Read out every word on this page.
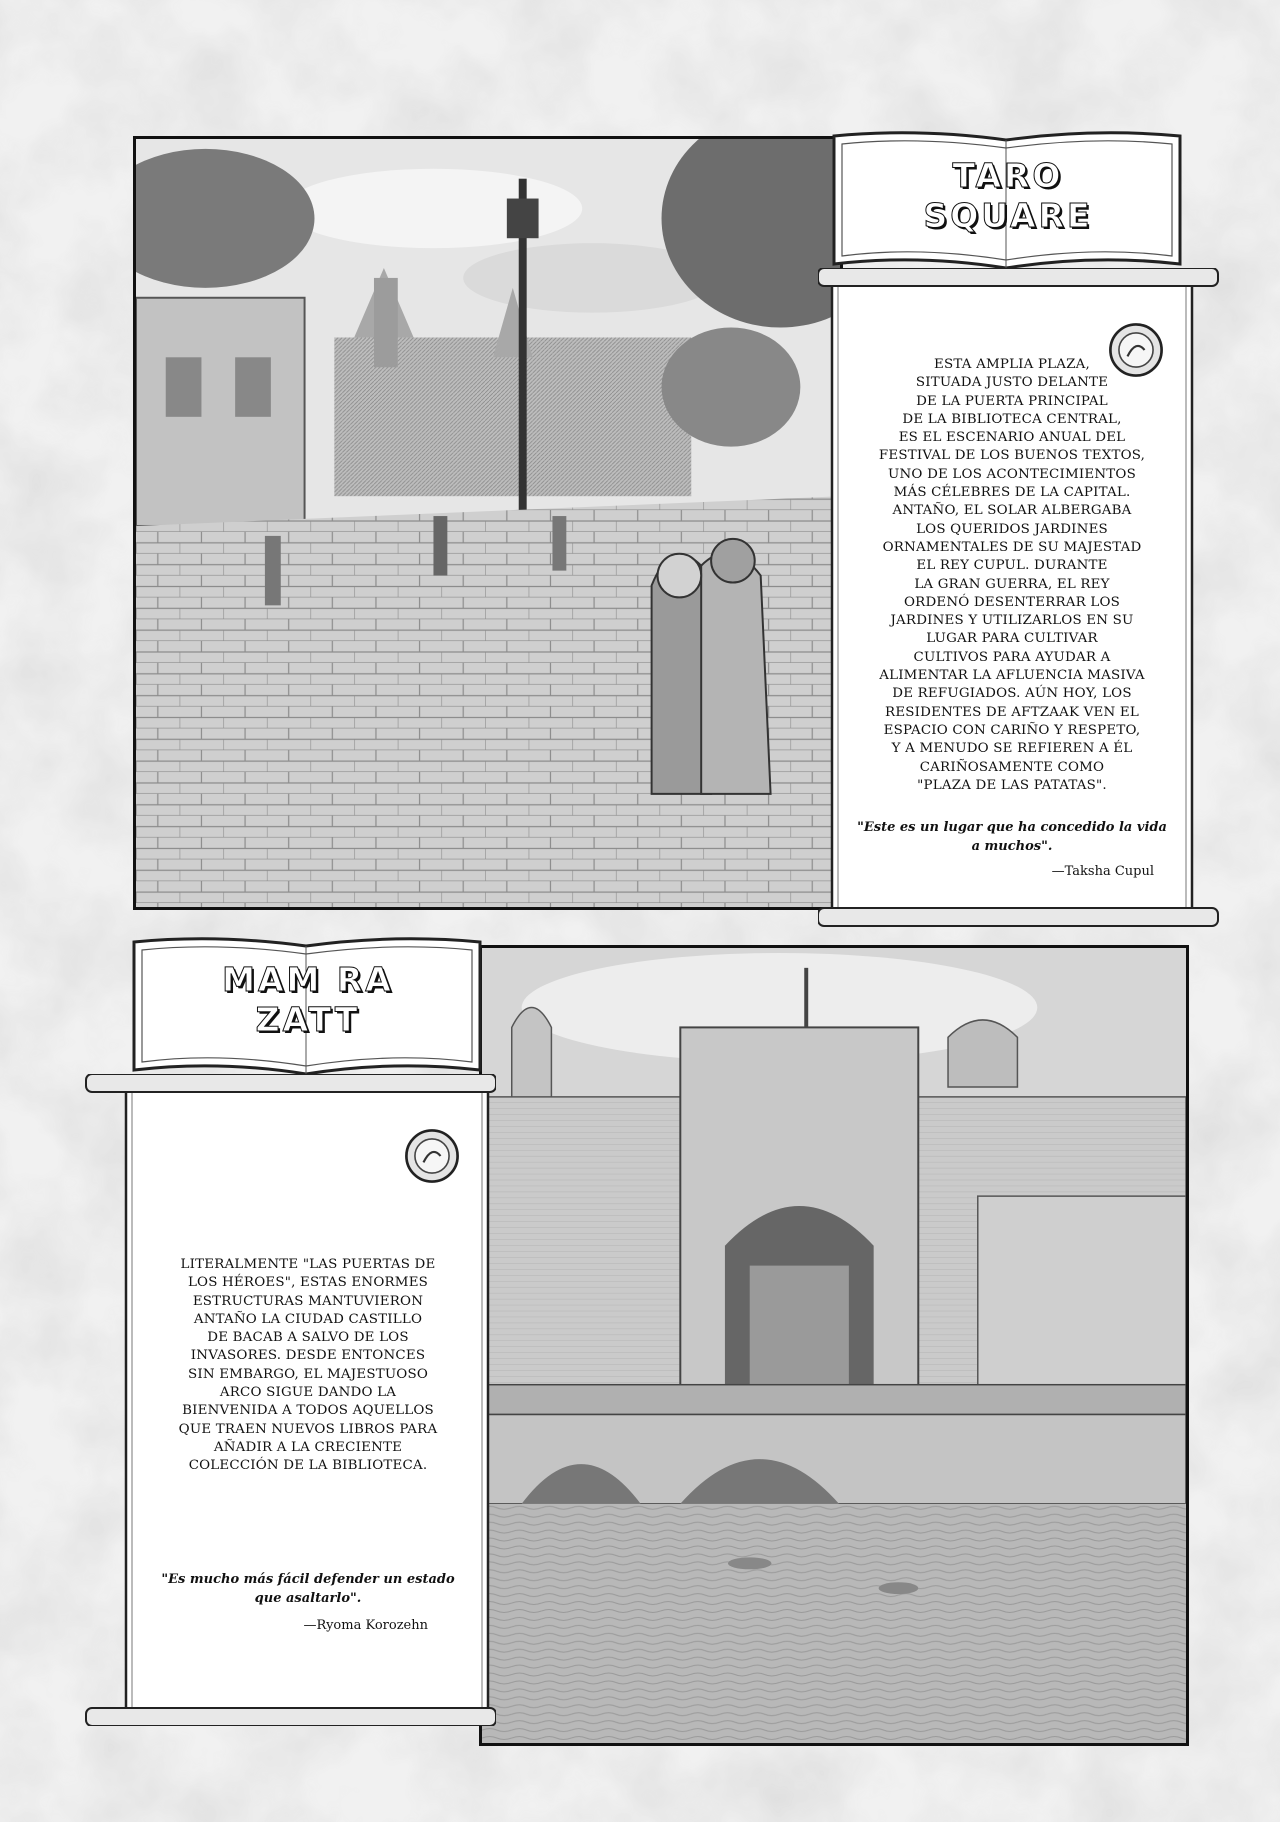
TARO
SQUARE
ESTA AMPLIA PLAZA,
SITUADA JUSTO DELANTE
DE LA PUERTA PRINCIPAL
DE LA BIBLIOTECA CENTRAL,
ES EL ESCENARIO ANUAL DEL
FESTIVAL DE LOS BUENOS TEXTOS,
UNO DE LOS ACONTECIMIENTOS
MÁS CÉLEBRES DE LA CAPITAL.
ANTAÑO, EL SOLAR ALBERGABA
LOS QUERIDOS JARDINES
ORNAMENTALES DE SU MAJESTAD
EL REY CUPUL. DURANTE
LA GRAN GUERRA, EL REY
ORDENÓ DESENTERRAR LOS
JARDINES Y UTILIZARLOS EN SU
LUGAR PARA CULTIVAR
CULTIVOS PARA AYUDAR A
ALIMENTAR LA AFLUENCIA MASIVA
DE REFUGIADOS. AÚN HOY, LOS
RESIDENTES DE AFTZAAK VEN EL
ESPACIO CON CARIÑO Y RESPETO,
Y A MENUDO SE REFIEREN A ÉL
CARIÑOSAMENTE COMO
"PLAZA DE LAS PATATAS".
"Este es un lugar que ha concedido la vida
a muchos".
—Taksha Cupul
MAM RA
ZATT
LITERALMENTE "LAS PUERTAS DE
LOS HÉROES", ESTAS ENORMES
ESTRUCTURAS MANTUVIERON
ANTAÑO LA CIUDAD CASTILLO
DE BACAB A SALVO DE LOS
INVASORES. DESDE ENTONCES
SIN EMBARGO, EL MAJESTUOSO
ARCO SIGUE DANDO LA
BIENVENIDA A TODOS AQUELLOS
QUE TRAEN NUEVOS LIBROS PARA
AÑADIR A LA CRECIENTE
COLECCIÓN DE LA BIBLIOTECA.
"Es mucho más fácil defender un estado
que asaltarlo".
—Ryoma Korozehn
